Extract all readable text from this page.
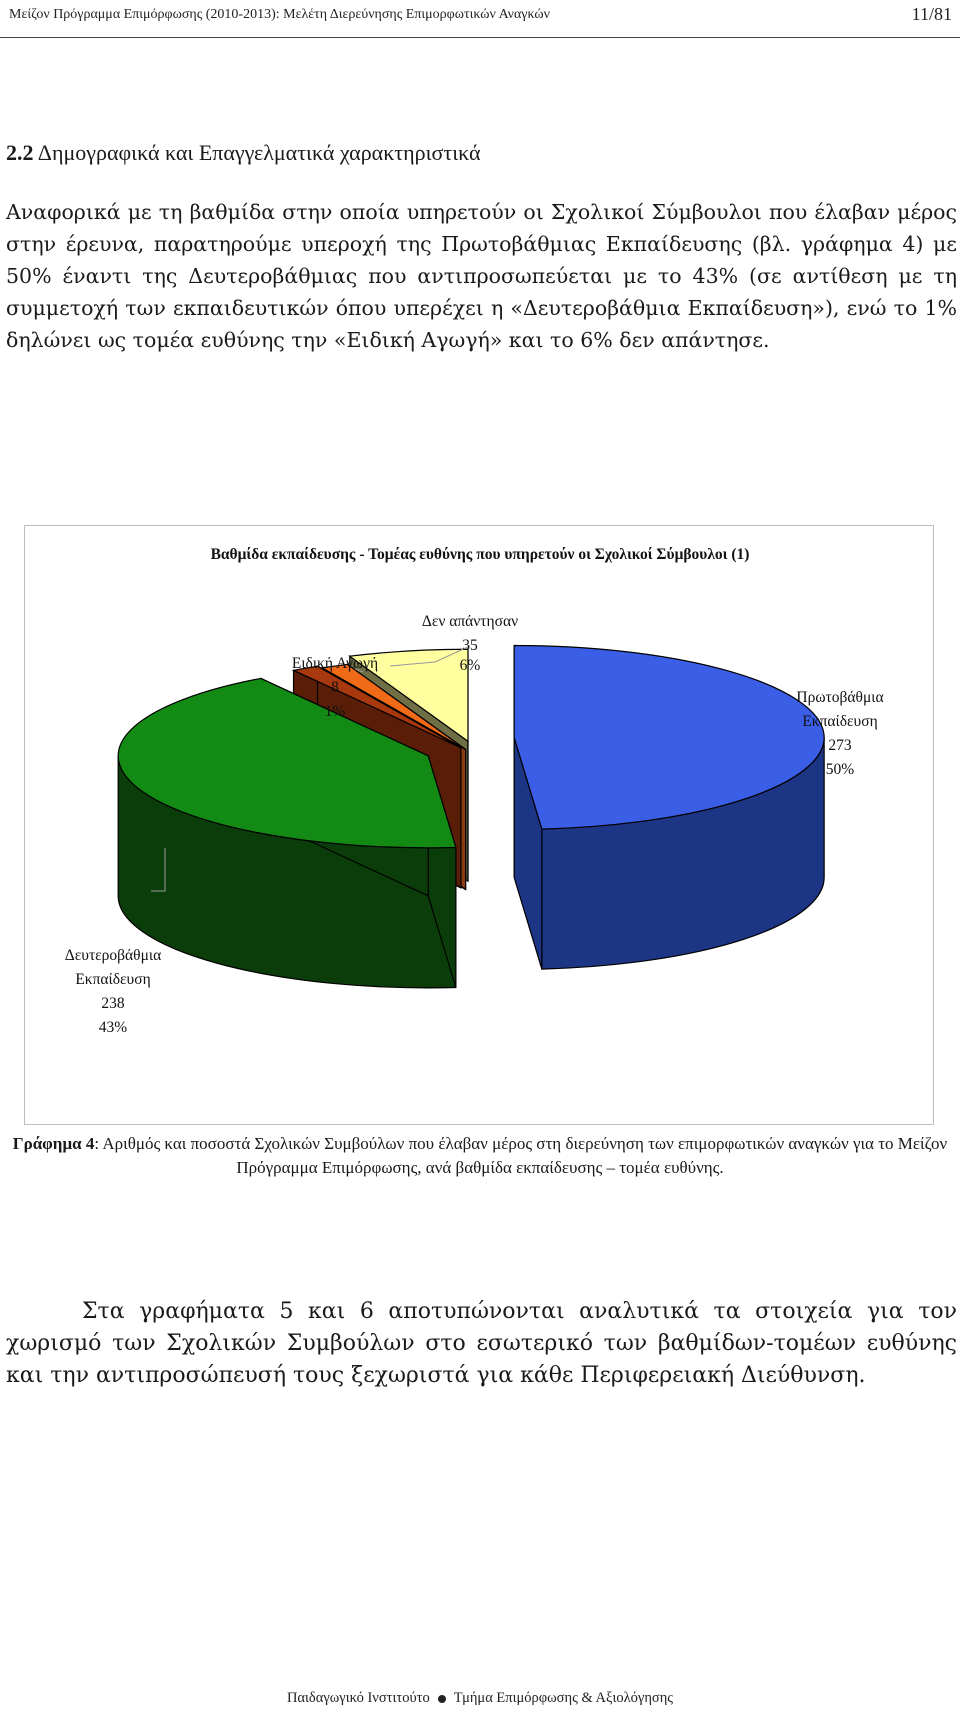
Μείζον Πρόγραμμα Επιμόρφωσης (2010-2013): Μελέτη Διερεύνησης Επιμορφωτικών Αναγκών	11/81
2.2 Δημογραφικά και Επαγγελματικά χαρακτηριστικά
Αναφορικά με τη βαθμίδα στην οποία υπηρετούν οι Σχολικοί Σύμβουλοι που έλαβαν μέρος στην έρευνα, παρατηρούμε υπεροχή της Πρωτοβάθμιας Εκπαίδευσης (βλ. γράφημα 4) με 50% έναντι της Δευτεροβάθμιας που αντιπροσωπεύεται με το 43% (σε αντίθεση με τη συμμετοχή των εκπαιδευτικών όπου υπερέχει η «Δευτεροβάθμια Εκπαίδευση»), ενώ το 1% δηλώνει ως τομέα ευθύνης την «Ειδική Αγωγή» και το 6% δεν απάντησε.
Βαθμίδα εκπαίδευσης - Τομέας ευθύνης που υπηρετούν οι Σχολικοί Σύμβουλοι (1)
Δεν απάντησαν
35
6%
Ειδική Αγωγή
8
1%
Πρωτοβάθμια
Εκπαίδευση
273
50%
Δευτεροβάθμια
Εκπαίδευση
238
43%
Γράφημα 4: Αριθμός και ποσοστά Σχολικών Συμβούλων που έλαβαν μέρος στη διερεύνηση των επιμορφωτικών αναγκών για το Μείζον Πρόγραμμα Επιμόρφωσης, ανά βαθμίδα εκπαίδευσης – τομέα ευθύνης.
Στα γραφήματα 5 και 6 αποτυπώνονται αναλυτικά τα στοιχεία για τον χωρισμό των Σχολικών Συμβούλων στο εσωτερικό των βαθμίδων-τομέων ευθύνης και την αντιπροσώπευσή τους ξεχωριστά για κάθε Περιφερειακή Διεύθυνση.
Παιδαγωγικό Ινστιτούτο Τμήμα Επιμόρφωσης & Αξιολόγησης
